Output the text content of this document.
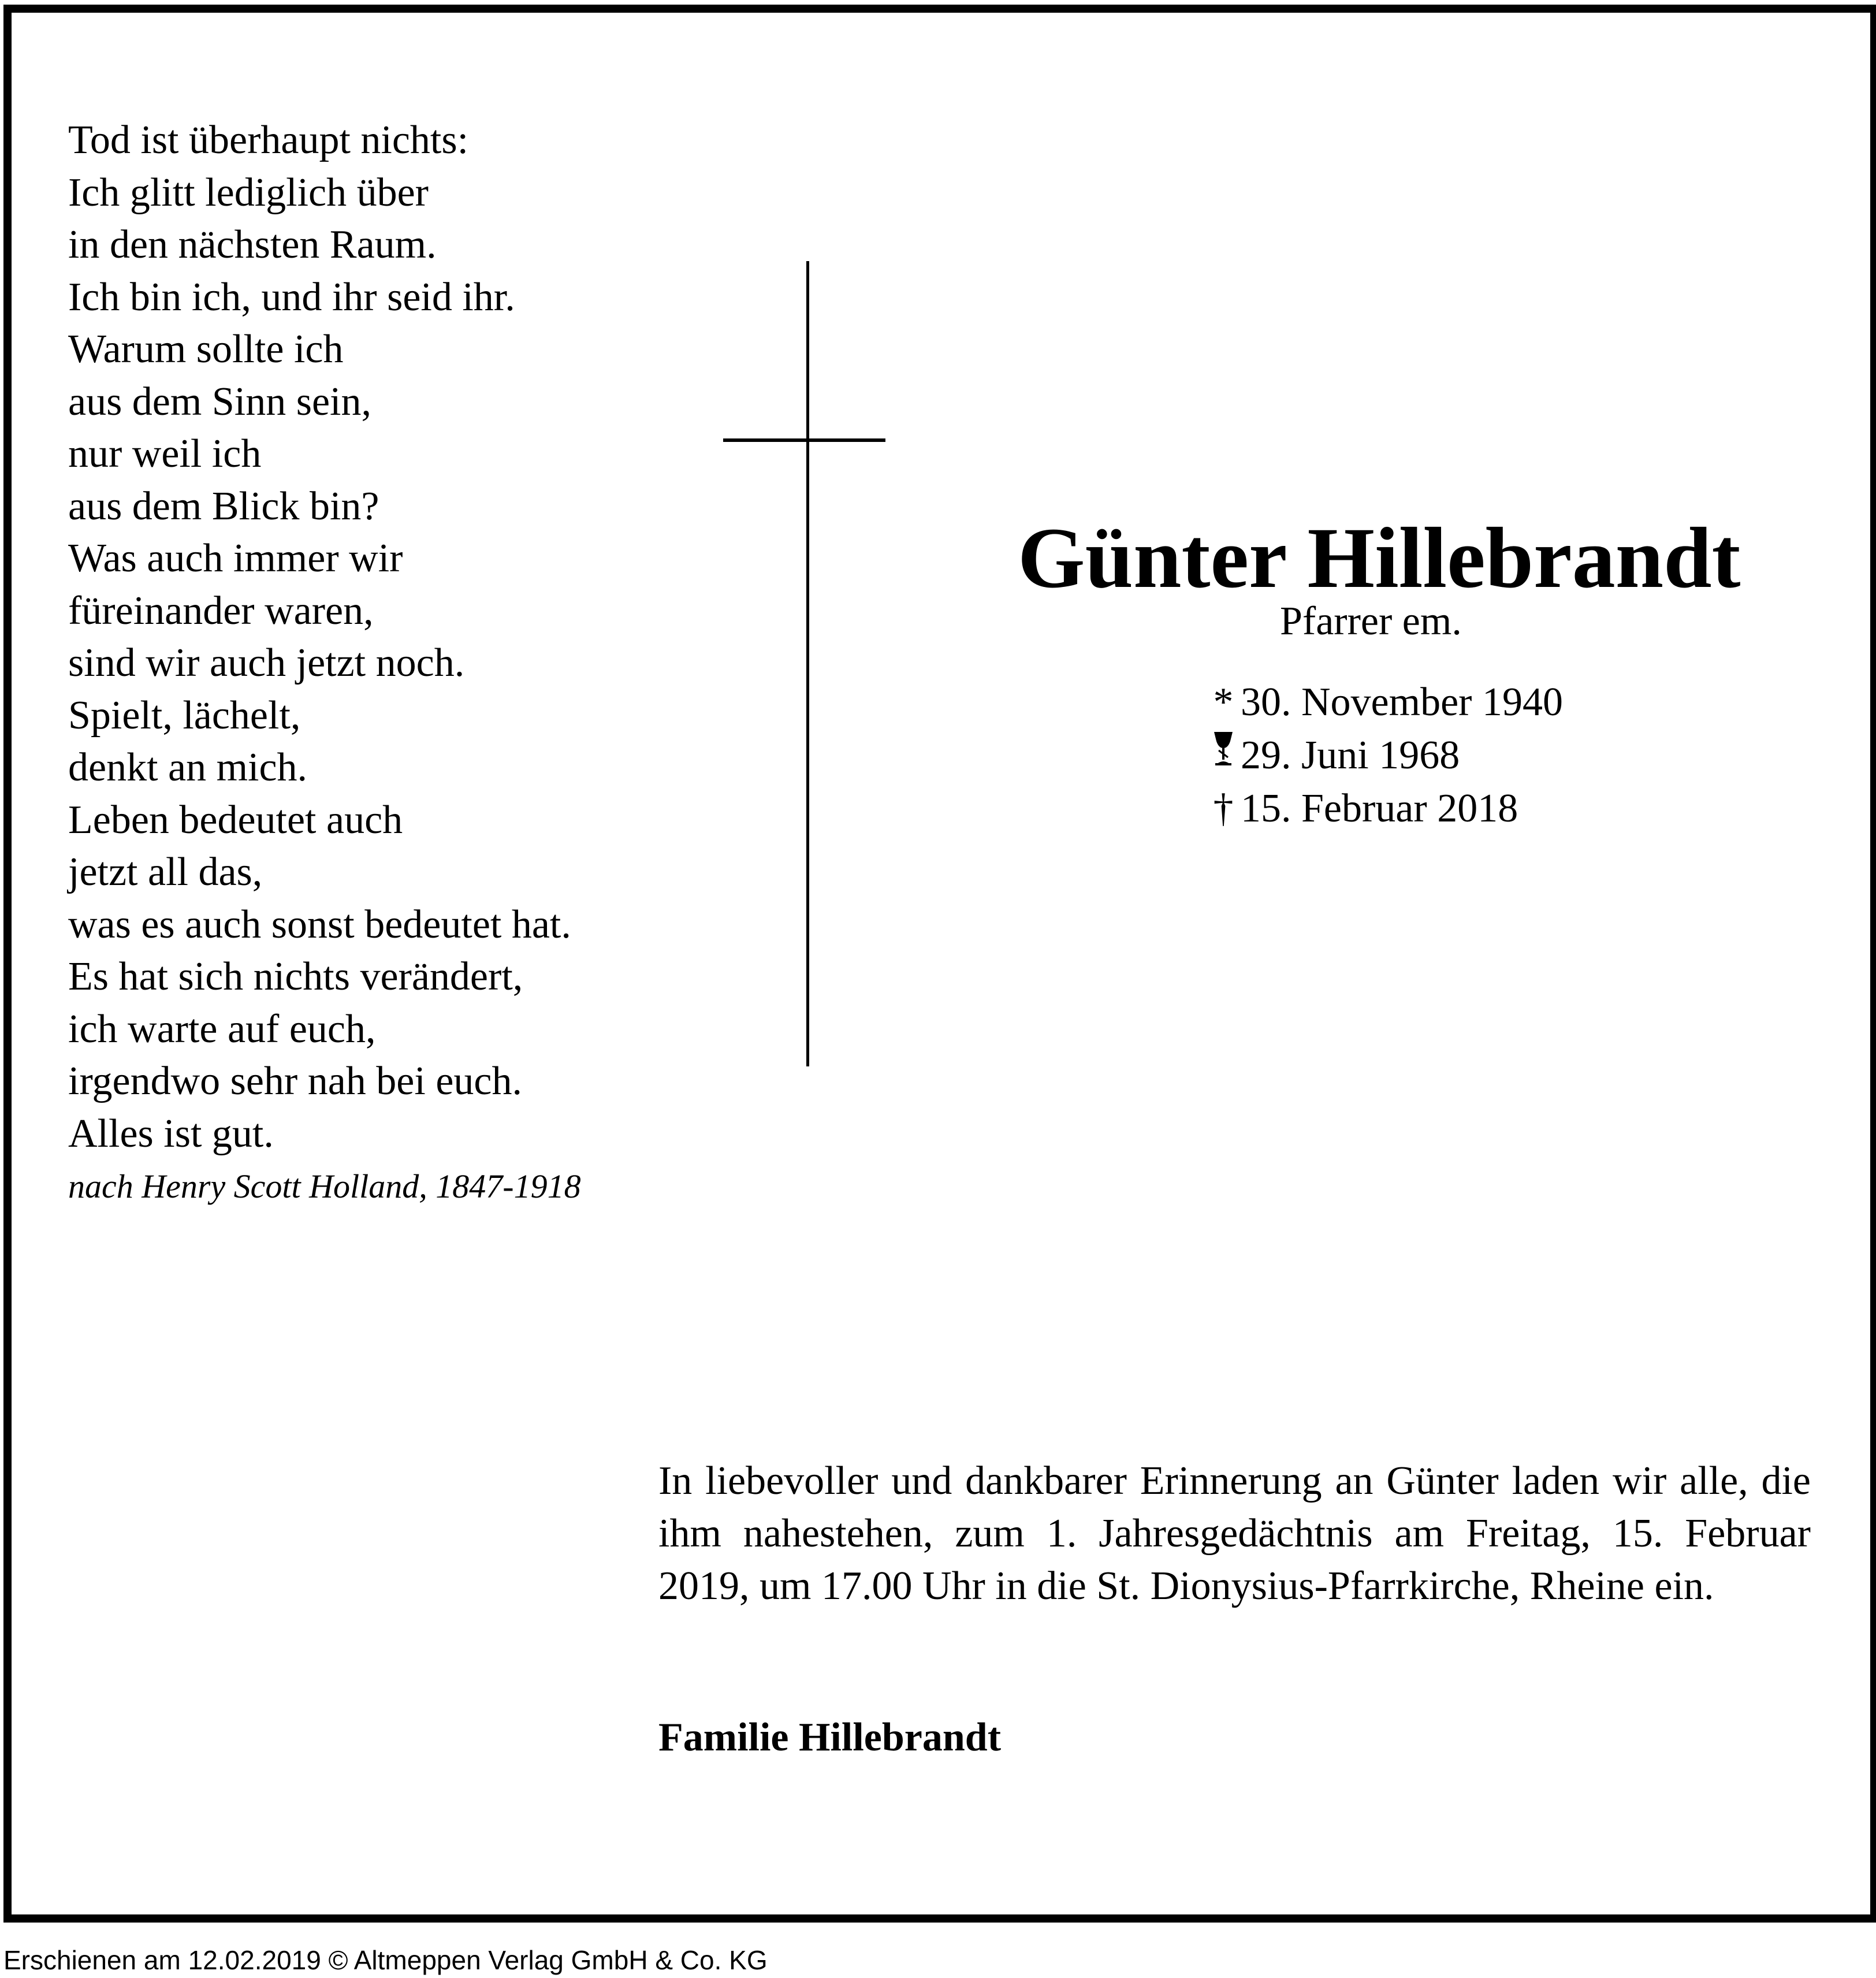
Tod ist überhaupt nichts:
Ich glitt lediglich über
in den nächsten Raum.
Ich bin ich, und ihr seid ihr.
Warum sollte ich
aus dem Sinn sein,
nur weil ich
aus dem Blick bin?
Was auch immer wir
füreinander waren,
sind wir auch jetzt noch.
Spielt, lächelt,
denkt an mich.
Leben bedeutet auch
jetzt all das,
was es auch sonst bedeutet hat.
Es hat sich nichts verändert,
ich warte auf euch,
irgendwo sehr nah bei euch.
Alles ist gut.
nach Henry Scott Holland, 1847-1918
Günter Hillebrandt
Pfarrer em.
* 30. November 1940
29. Juni 1968
† 15. Februar 2018
In liebevoller und dankbarer Erinnerung an Günter laden wir alle, die ihm nahestehen, zum 1. Jahresgedächtnis am Freitag, 15. Februar 2019, um 17.00 Uhr in die St. Dionysius-Pfarrkirche, Rheine ein.
Familie Hillebrandt
Erschienen am 12.02.2019 © Altmeppen Verlag GmbH & Co. KG
